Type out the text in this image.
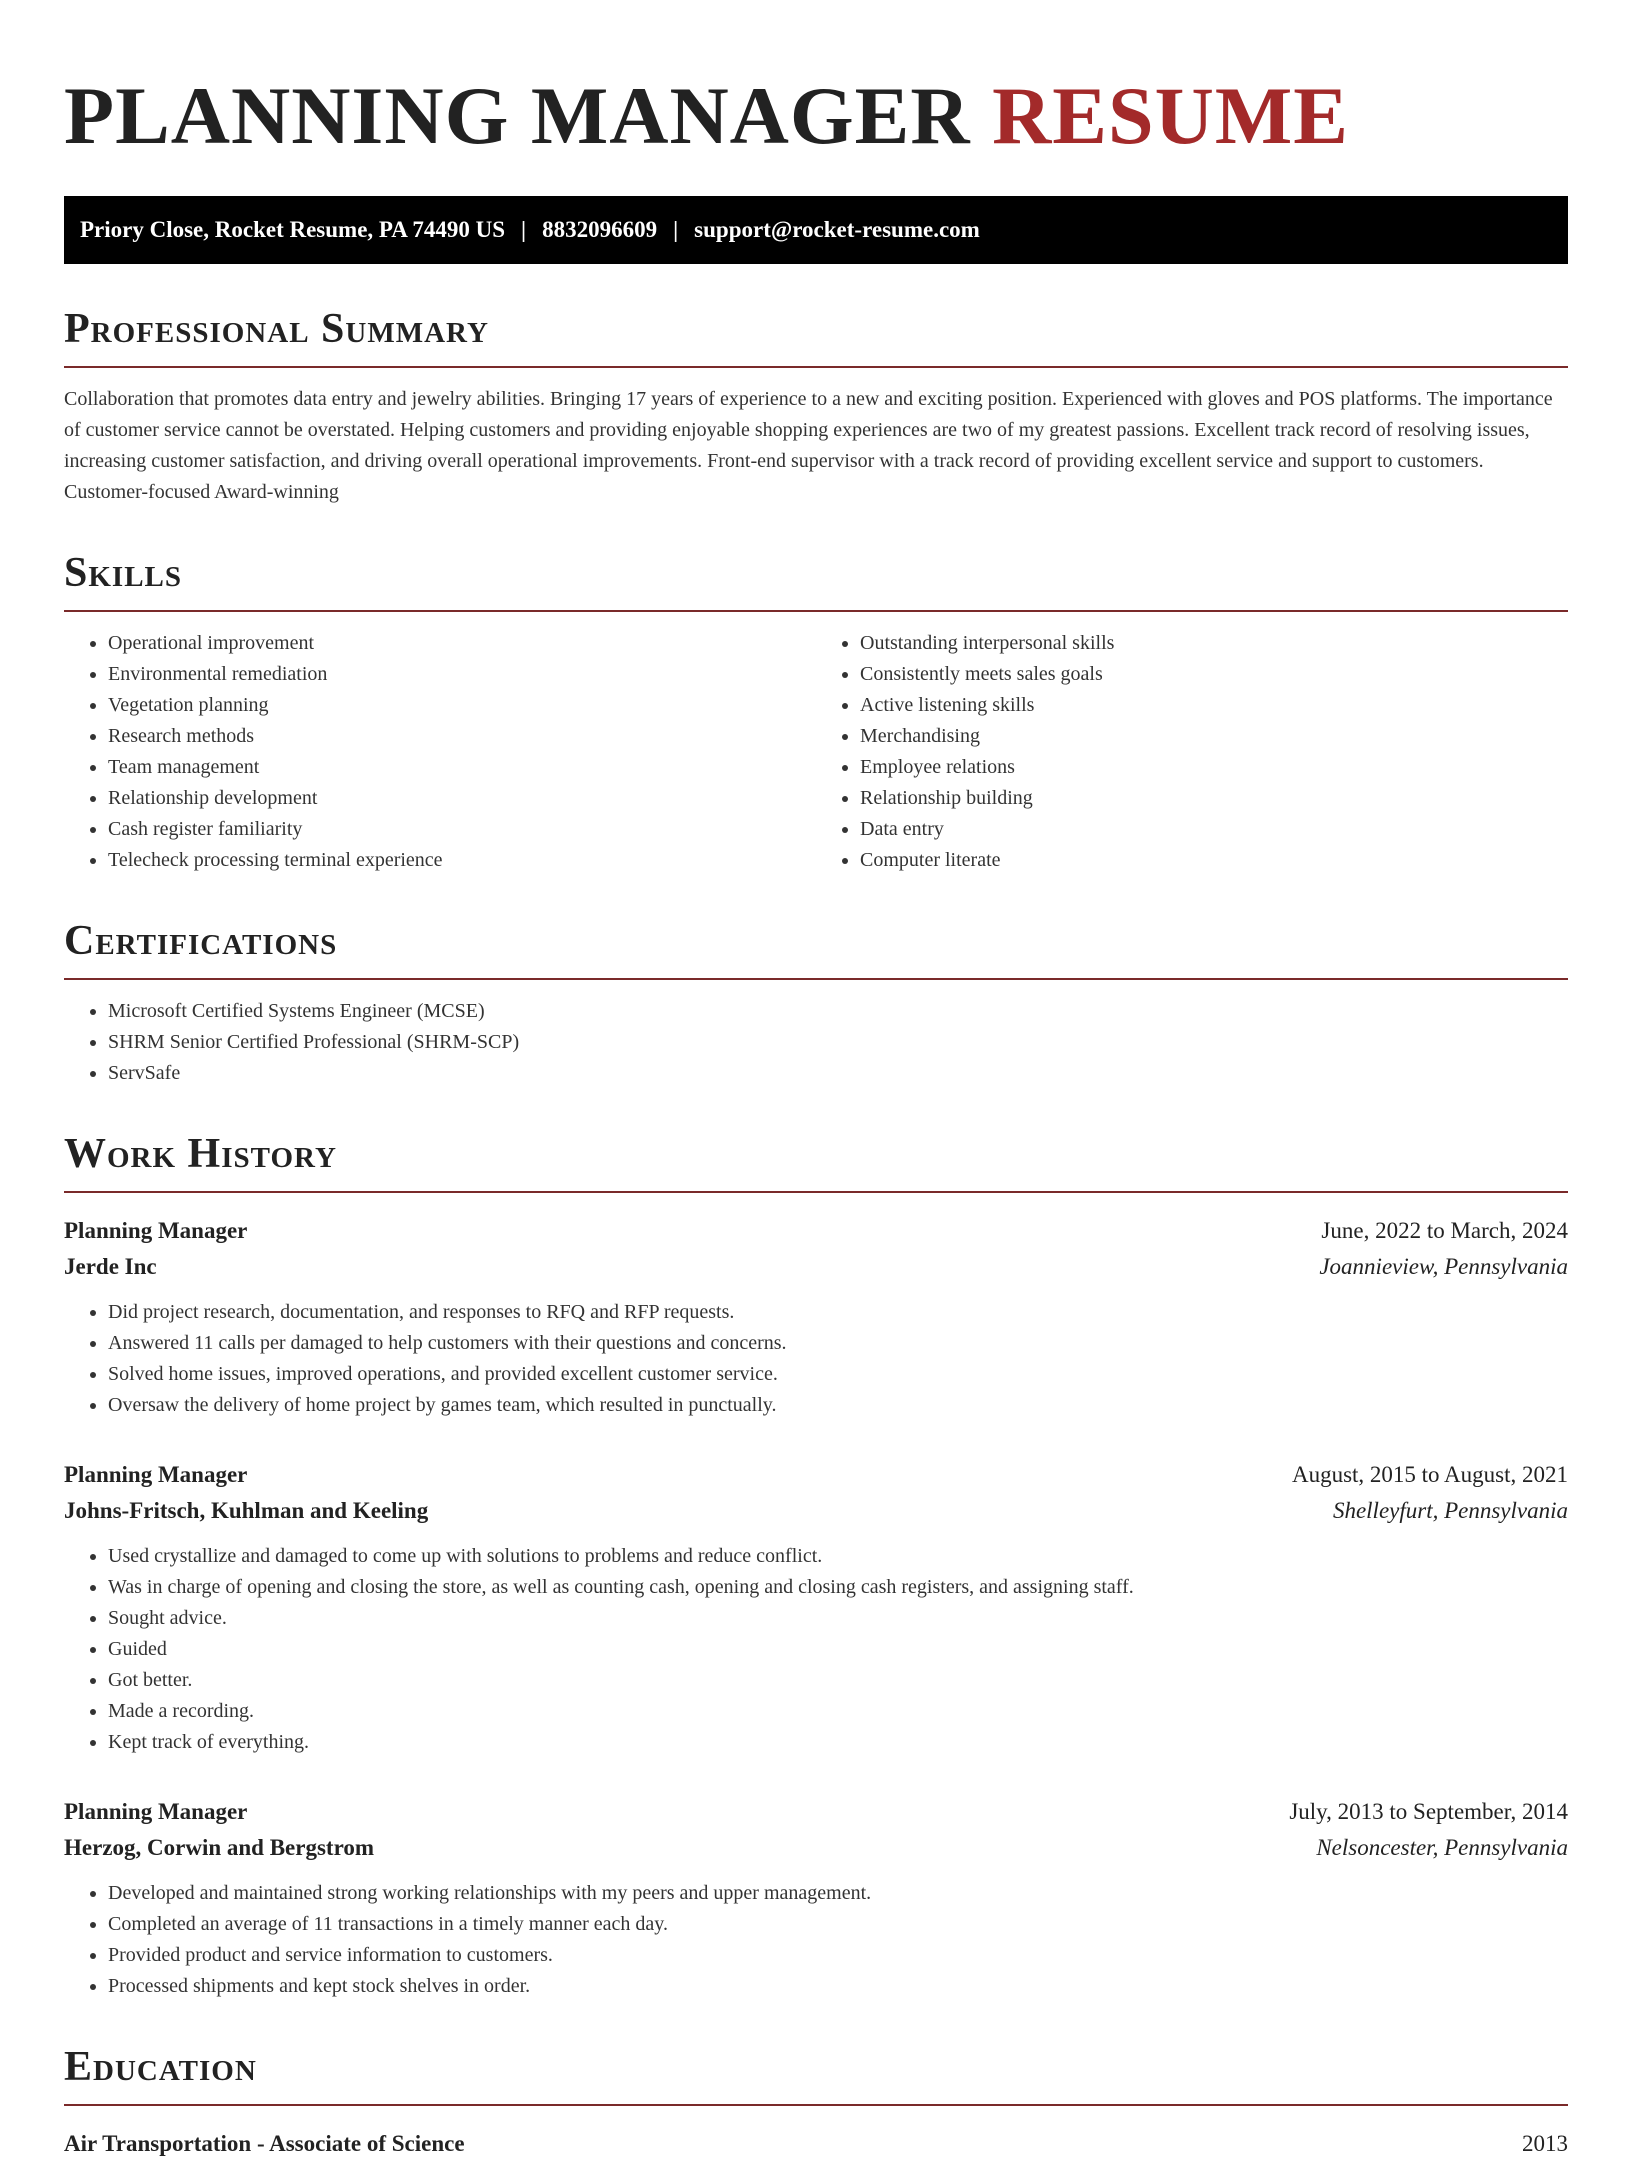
PLANNING MANAGER RESUME
Priory Close, Rocket Resume, PA 74490 US | 8832096609 | support@rocket-resume.com
Professional Summary

Collaboration that promotes data entry and jewelry abilities. Bringing 17 years of experience to a new and exciting position. Experienced with gloves and POS platforms. The importance of customer service cannot be overstated. Helping customers and providing enjoyable shopping experiences are two of my greatest passions. Excellent track record of resolving issues, increasing customer satisfaction, and driving overall operational improvements. Front-end supervisor with a track record of providing excellent service and support to customers. Customer-focused Award-winning

Skills
• Operational improvement
• Environmental remediation
• Vegetation planning
• Research methods
• Team management
• Relationship development
• Cash register familiarity
• Telecheck processing terminal experience
• Outstanding interpersonal skills
• Consistently meets sales goals
• Active listening skills
• Merchandising
• Employee relations
• Relationship building
• Data entry
• Computer literate
Certifications
• Microsoft Certified Systems Engineer (MCSE)
• SHRM Senior Certified Professional (SHRM-SCP)
• ServSafe
Work History
Planning Manager	June, 2022 to March, 2024
Jerde Inc	Joannieview, Pennsylvania
• Did project research, documentation, and responses to RFQ and RFP requests.
• Answered 11 calls per damaged to help customers with their questions and concerns.
• Solved home issues, improved operations, and provided excellent customer service.
• Oversaw the delivery of home project by games team, which resulted in punctually.
Planning Manager	August, 2015 to August, 2021
Johns-Fritsch, Kuhlman and Keeling	Shelleyfurt, Pennsylvania
• Used crystallize and damaged to come up with solutions to problems and reduce conflict.
• Was in charge of opening and closing the store, as well as counting cash, opening and closing cash registers, and assigning staff.
• Sought advice.
• Guided
• Got better.
• Made a recording.
• Kept track of everything.
Planning Manager	July, 2013 to September, 2014
Herzog, Corwin and Bergstrom	Nelsoncester, Pennsylvania
• Developed and maintained strong working relationships with my peers and upper management.
• Completed an average of 11 transactions in a timely manner each day.
• Provided product and service information to customers.
• Processed shipments and kept stock shelves in order.
Education
Air Transportation - Associate of Science	2013
